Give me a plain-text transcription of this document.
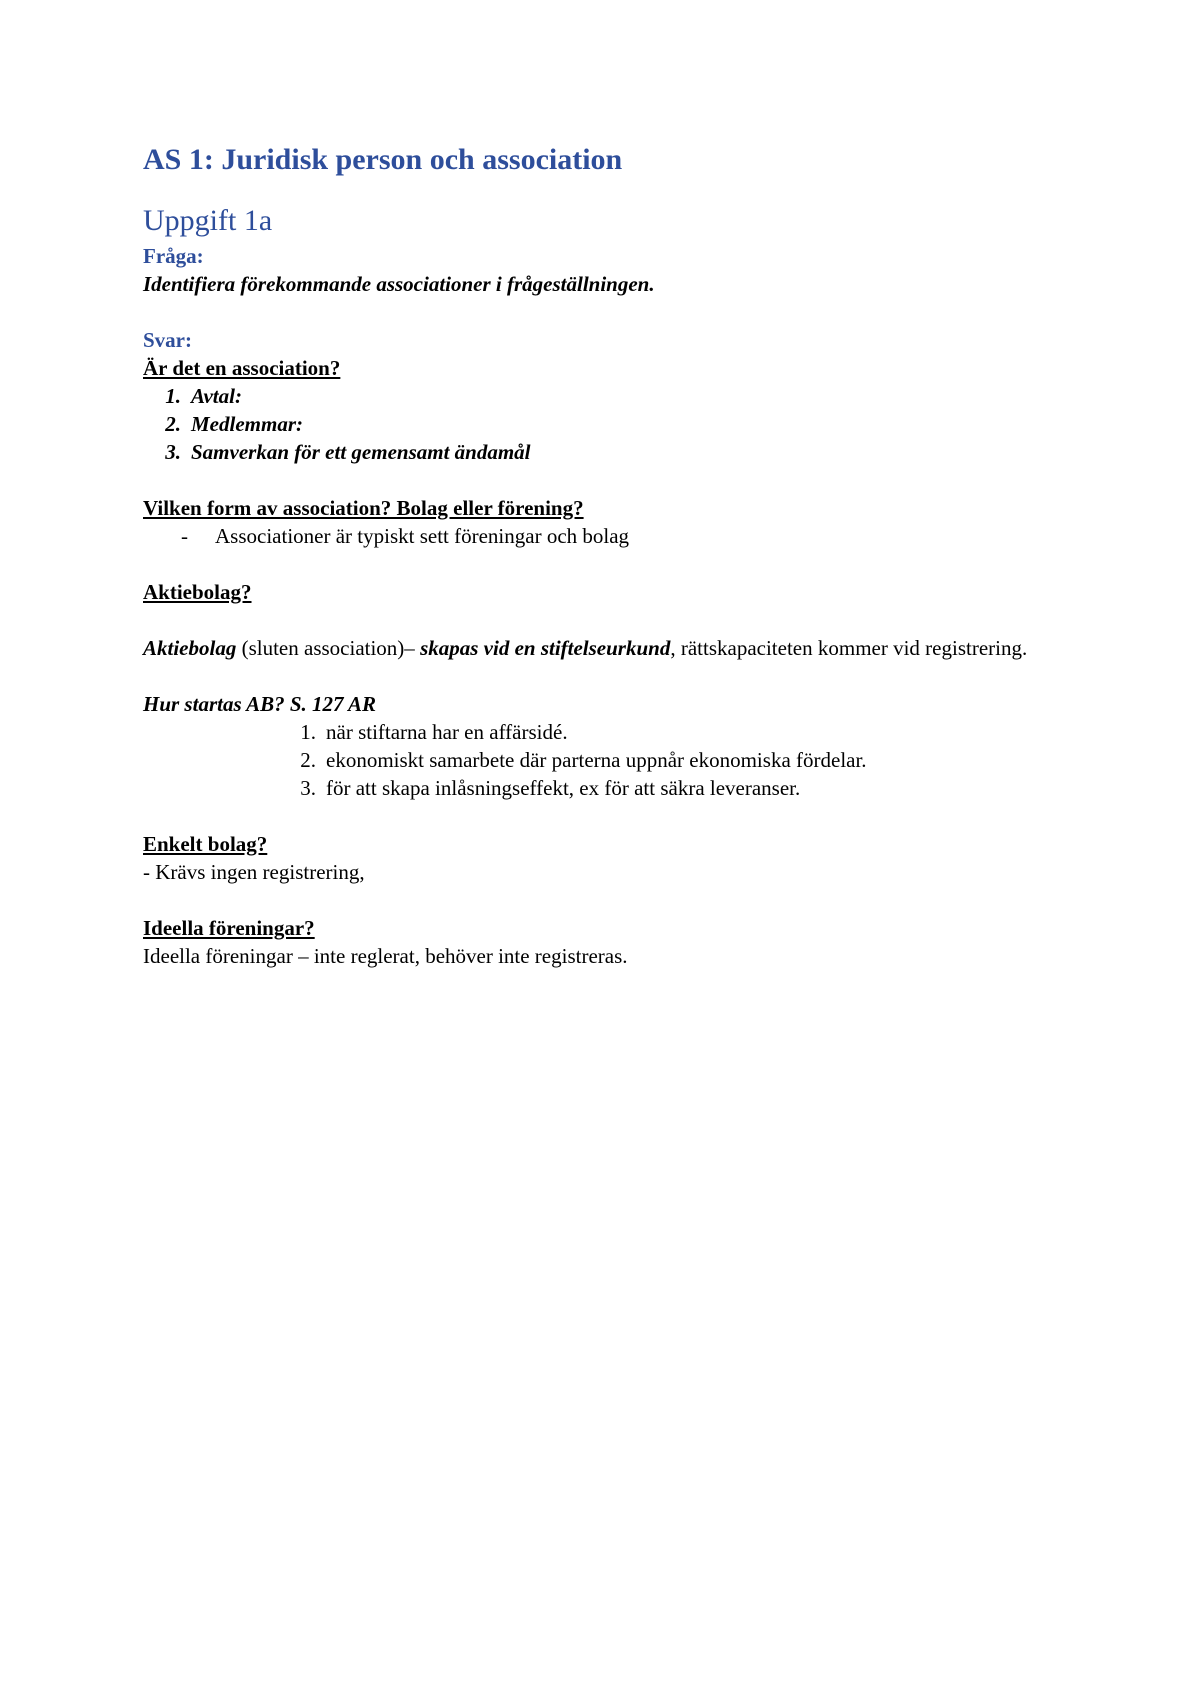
AS 1: Juridisk person och association
Uppgift 1a

Fråga:

Identifiera förekommande associationer i frågeställningen.

Svar:

Är det en association?

1. Avtal:
2. Medlemmar:
3. Samverkan för ett gemensamt ändamål

Vilken form av association? Bolag eller förening?

-	Associationer är typiskt sett föreningar och bolag

Aktiebolag?

Aktiebolag (sluten association)– skapas vid en stiftelseurkund, rättskapaciteten kommer vid registrering.

Hur startas AB? S. 127 AR

1. när stiftarna har en affärsidé.
2. ekonomiskt samarbete där parterna uppnår ekonomiska fördelar.
3. för att skapa inlåsningseffekt, ex för att säkra leveranser.

Enkelt bolag?

- Krävs ingen registrering,

Ideella föreningar?

Ideella föreningar – inte reglerat, behöver inte registreras.
